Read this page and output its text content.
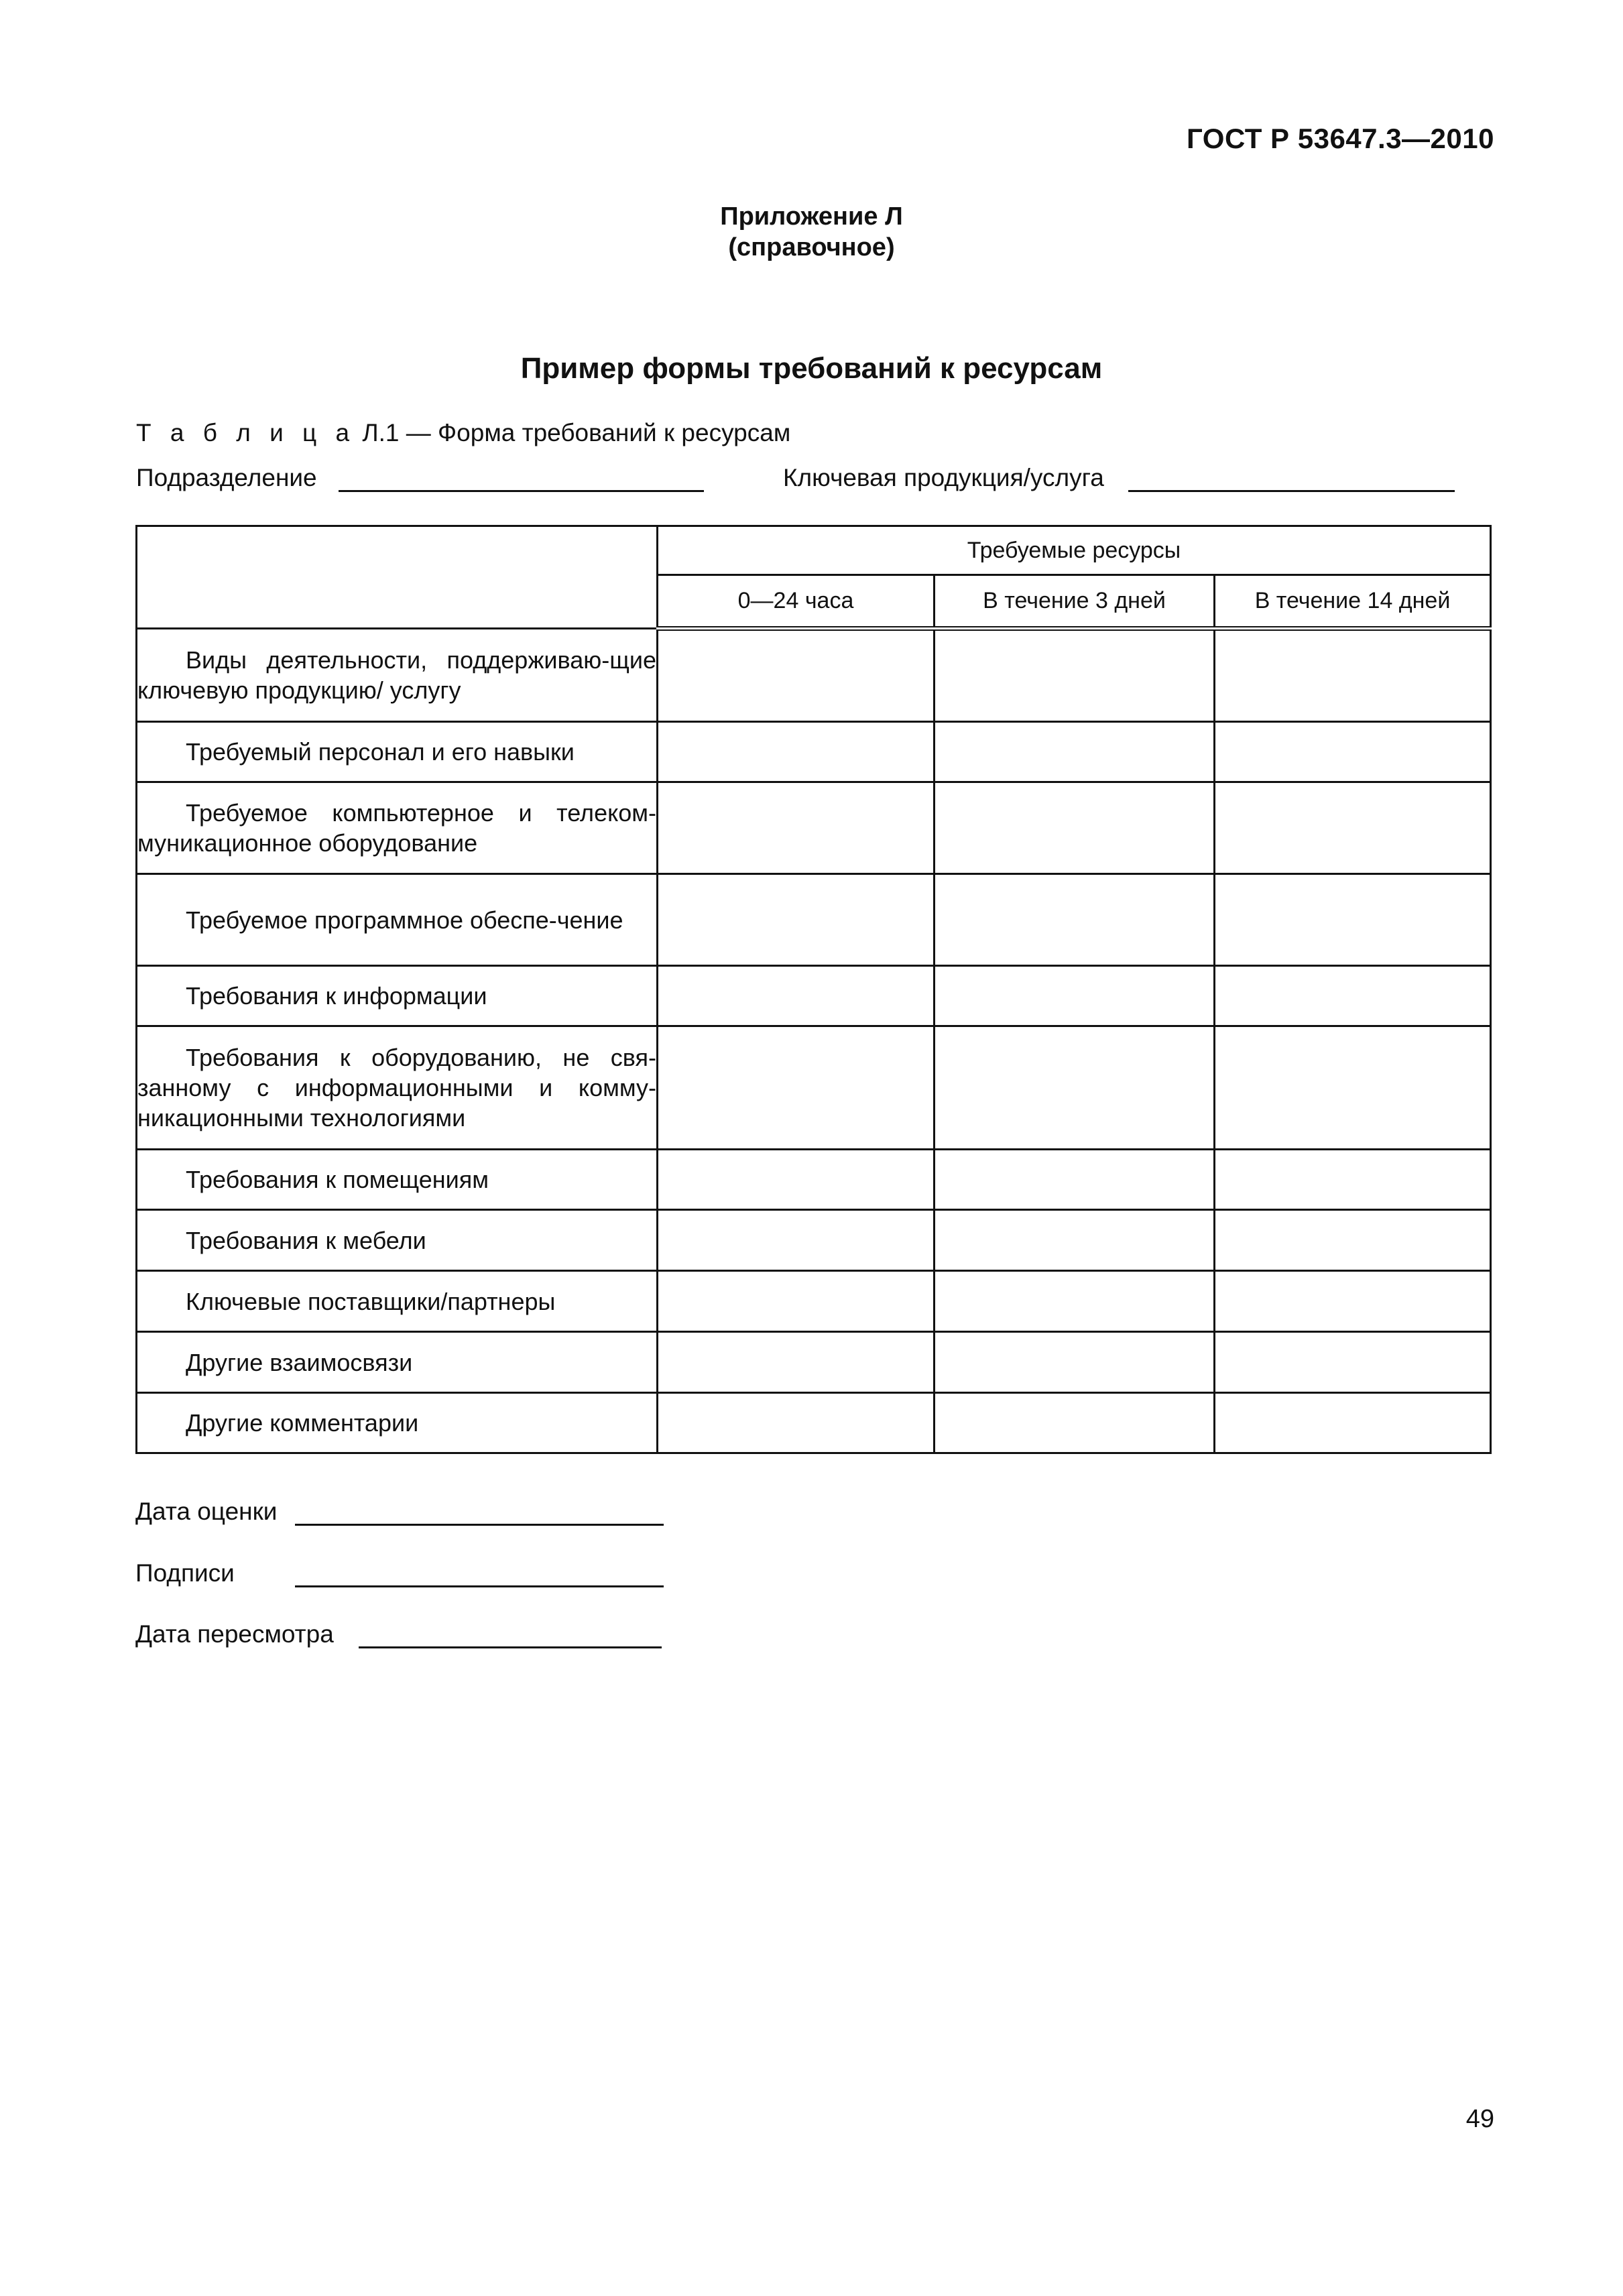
ГОСТ Р 53647.3—2010
Приложение Л
(справочное)
Пример формы требований к ресурсам
Т а б л и ц а Л.1 — Форма требований к ресурсам
Подразделение	Ключевая продукция/услуга
	Требуемые ресурсы		
	0—24 часа	В течение 3 дней	В течение 14 дней
Виды деятельности, поддерживаю-щие ключевую продукцию/ услугу			
Требуемый персонал и его навыки			
Требуемое компьютерное и телеком-муникационное оборудование			
Требуемое программное обеспе-чение			
Требования к информации			
Требования к оборудованию, не свя-занному с информационными и комму-никационными технологиями			
Требования к помещениям			
Требования к мебели			
Ключевые поставщики/партнеры			
Другие взаимосвязи			
Другие комментарии			
Дата оценки
Подписи
Дата пересмотра
49
